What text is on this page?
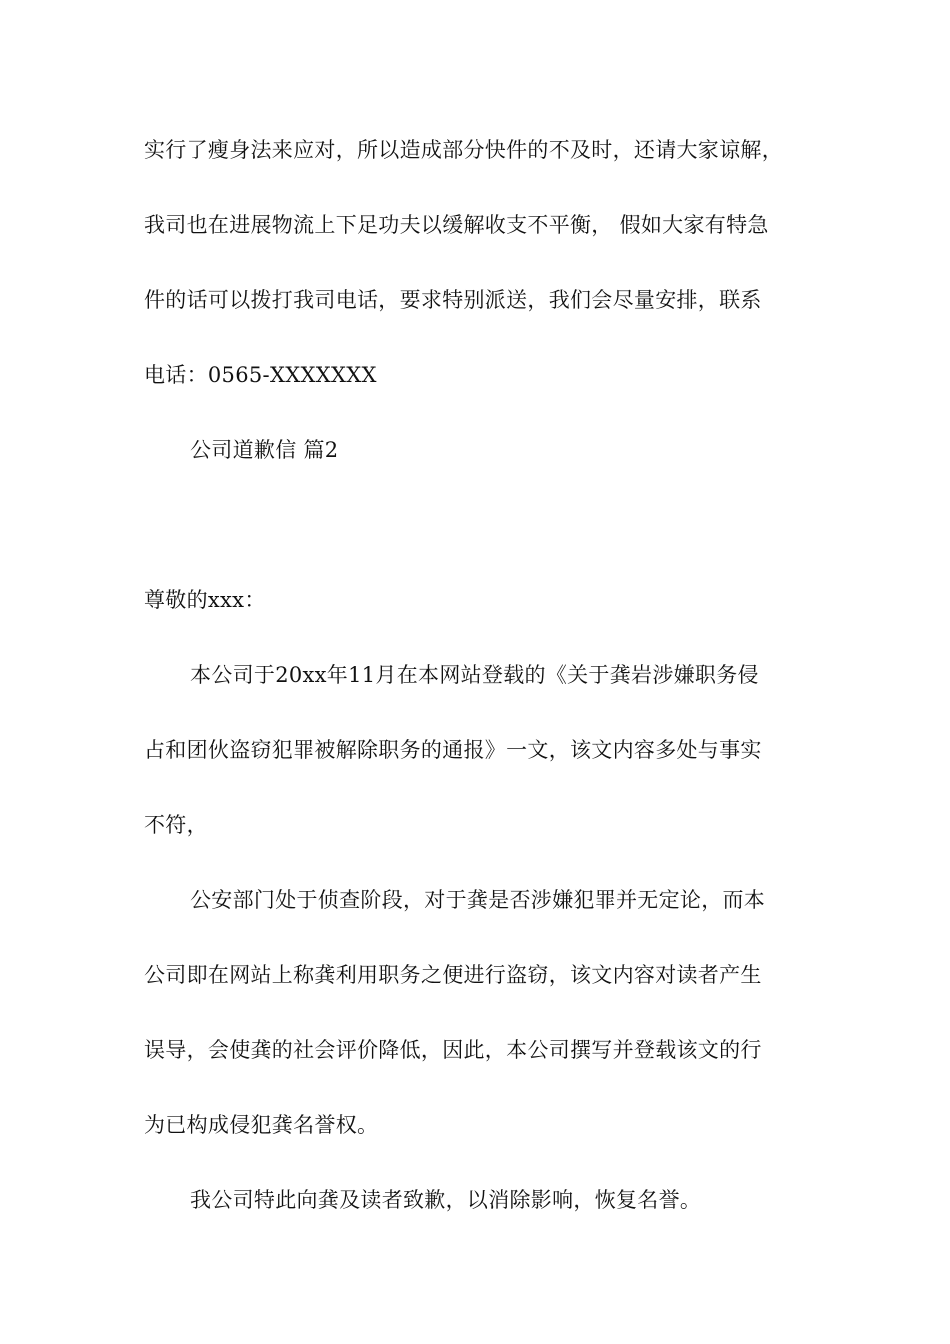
实行了瘦身法来应对，所以造成部分快件的不及时，还请大家谅解，
我司也在进展物流上下足功夫以缓解收支不平衡， 假如大家有特急
件的话可以拨打我司电话，要求特别派送，我们会尽量安排，联系
电话：0565-XXXXXXX
公司道歉信 篇2
尊敬的xxx：
本公司于20xx年11月在本网站登载的《关于龚岩涉嫌职务侵
占和团伙盗窃犯罪被解除职务的通报》一文，该文内容多处与事实
不符，
公安部门处于侦查阶段，对于龚是否涉嫌犯罪并无定论，而本
公司即在网站上称龚利用职务之便进行盗窃，该文内容对读者产生
误导，会使龚的社会评价降低，因此，本公司撰写并登载该文的行
为已构成侵犯龚名誉权。
我公司特此向龚及读者致歉，以消除影响，恢复名誉。
